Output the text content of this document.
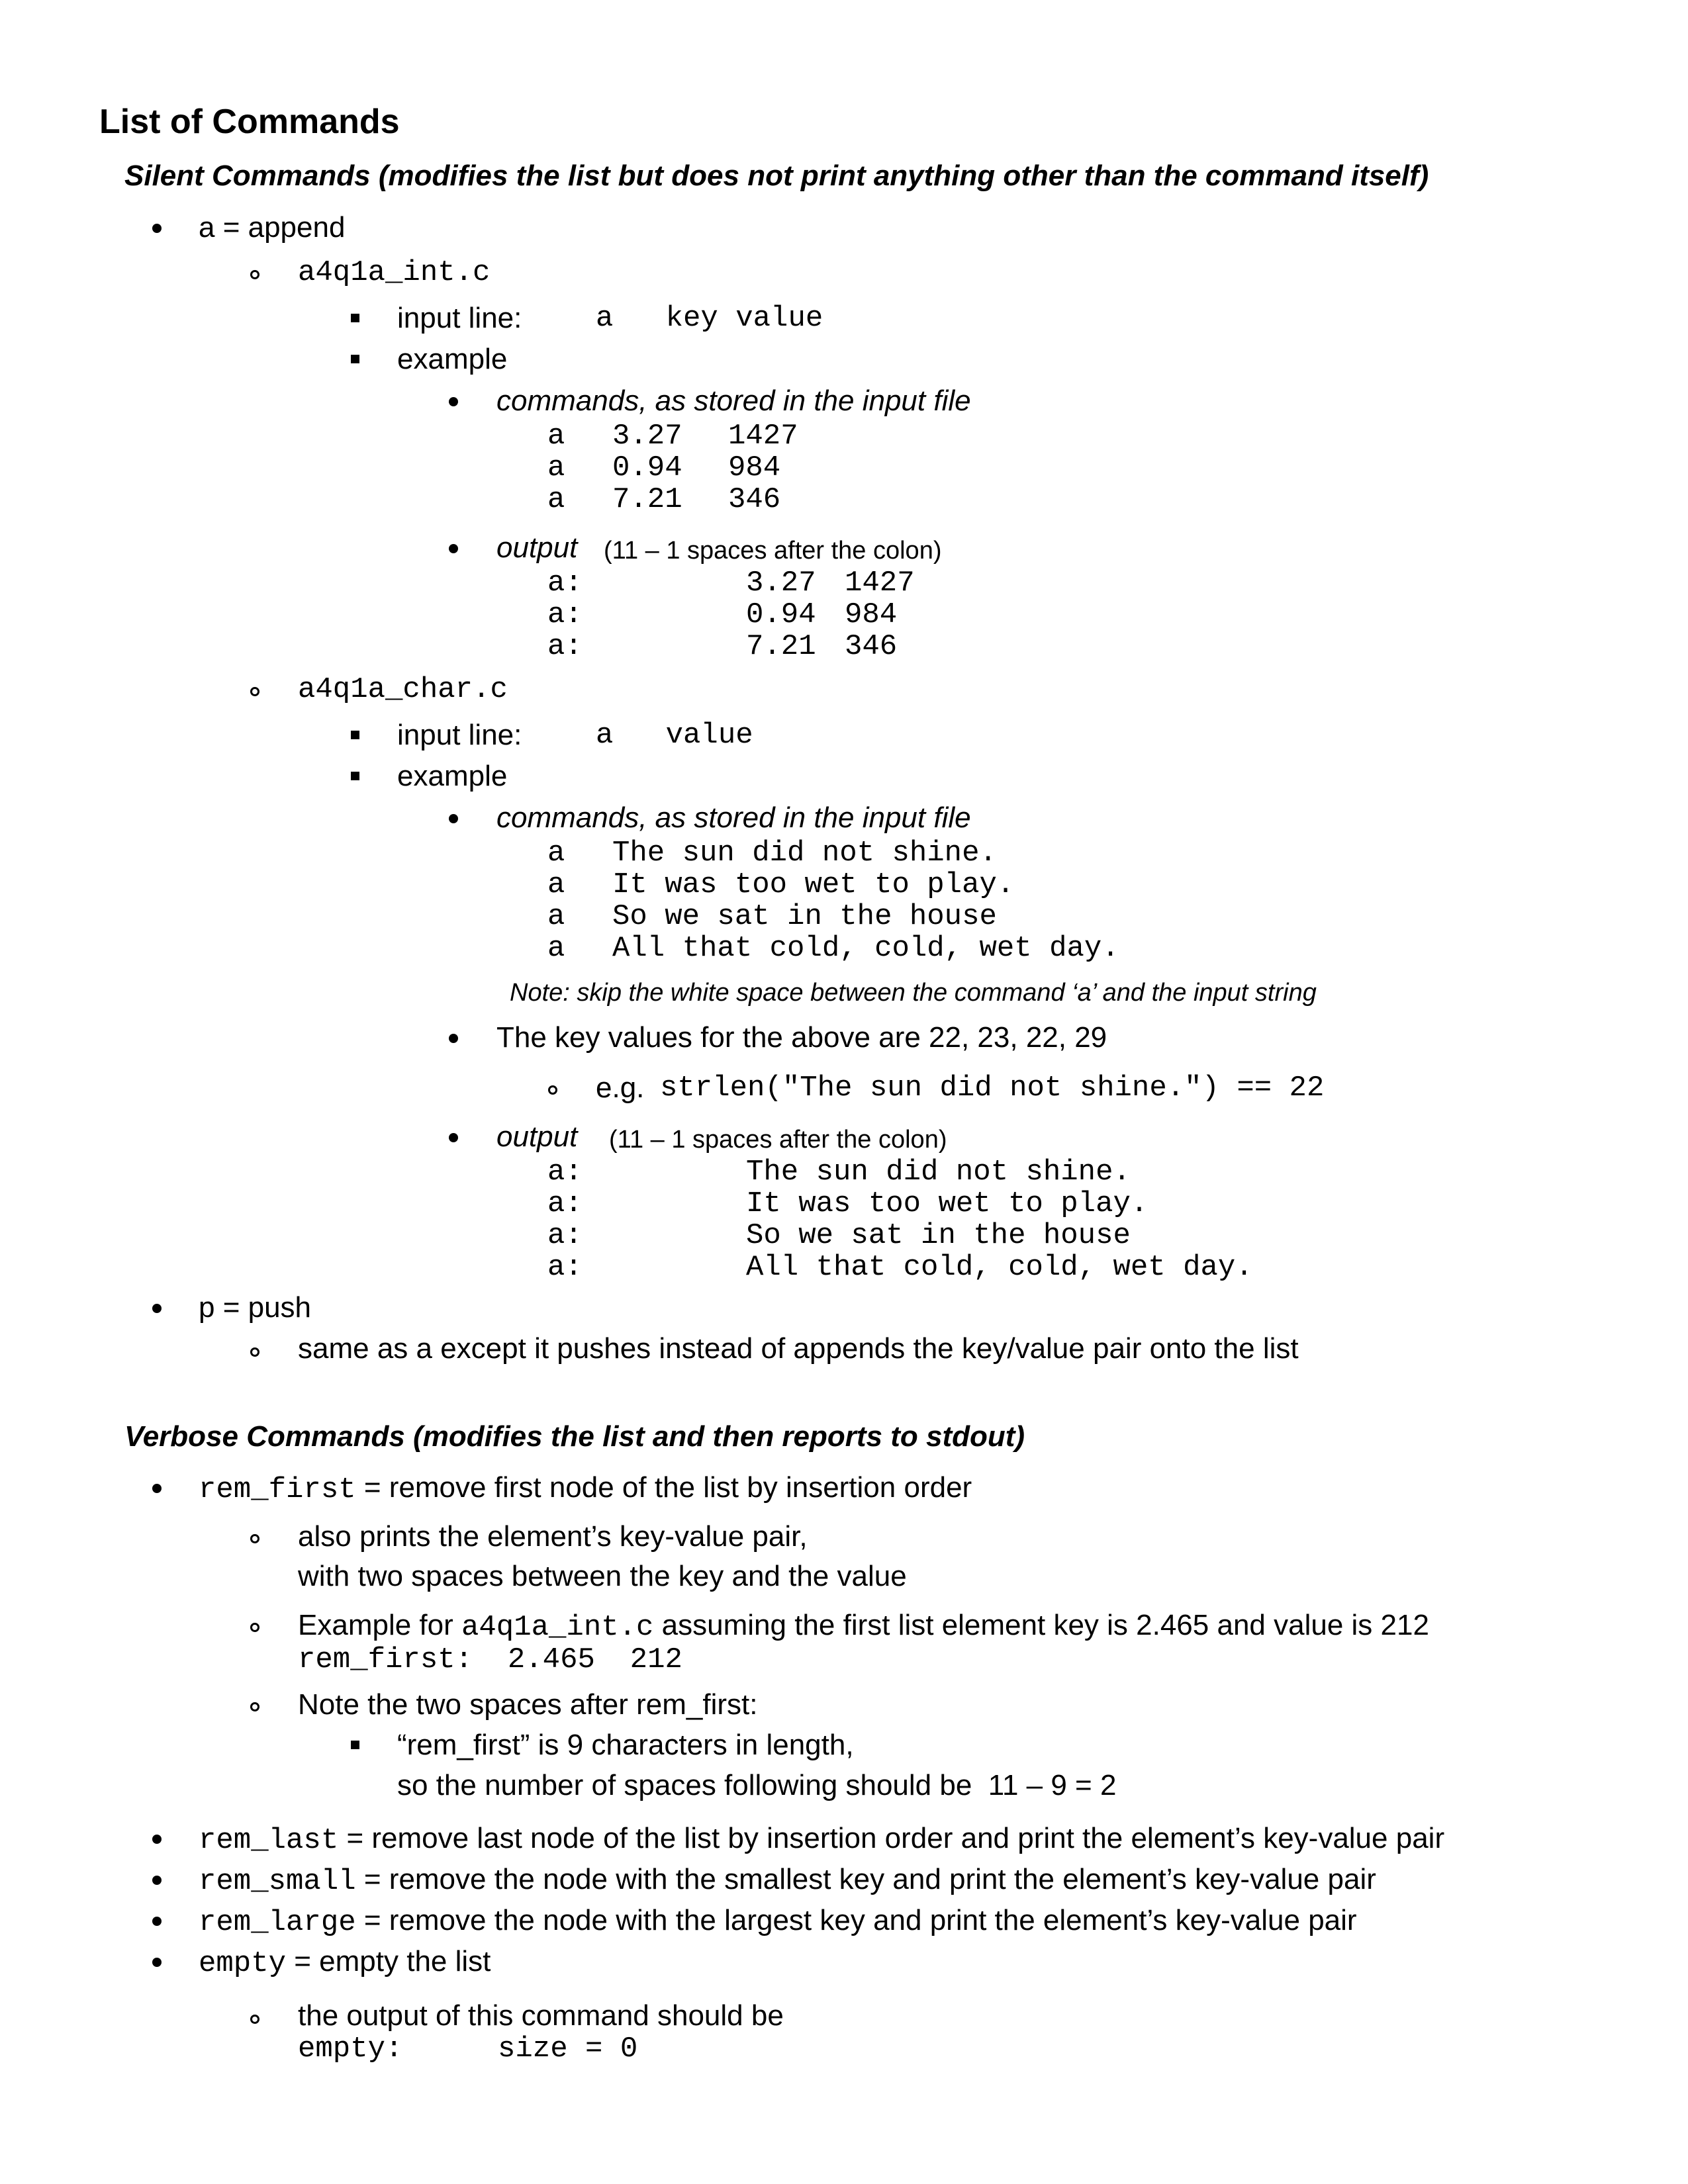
List of Commands
Silent Commands (modifies the list but does not print anything other than the command itself)
a = append
a4q1a_int.c
input line:	a   key value
example
commands, as stored in the input file
a 3.27 1427
a 0.94 984
a 7.21 346
output (11 – 1 spaces after the colon)
a:	3.27 1427
a:	0.94 984
a:	7.21 346
a4q1a_char.c
input line:	a   value
example
commands, as stored in the input file
a The sun did not shine.
a It was too wet to play.
a So we sat in the house
a All that cold, cold, wet day.
Note: skip the white space between the command ‘a’ and the input string
The key values for the above are 22, 23, 22, 29
e.g. strlen("The sun did not shine.") == 22
output (11 – 1 spaces after the colon)
a:	The sun did not shine.
a:	It was too wet to play.
a:	So we sat in the house
a:	All that cold, cold, wet day.
p = push
same as a except it pushes instead of appends the key/value pair onto the list
Verbose Commands (modifies the list and then reports to stdout)
rem_first = remove first node of the list by insertion order
also prints the element’s key-value pair,
with two spaces between the key and the value
Example for a4q1a_int.c assuming the first list element key is 2.465 and value is 212
rem_first:  2.465  212
Note the two spaces after rem_first:
“rem_first” is 9 characters in length,
so the number of spaces following should be  11 – 9 = 2
rem_last = remove last node of the list by insertion order and print the element’s key-value pair
rem_small = remove the node with the smallest key and print the element’s key-value pair
rem_large = remove the node with the largest key and print the element’s key-value pair
empty = empty the list
the output of this command should be
empty:	size = 0
